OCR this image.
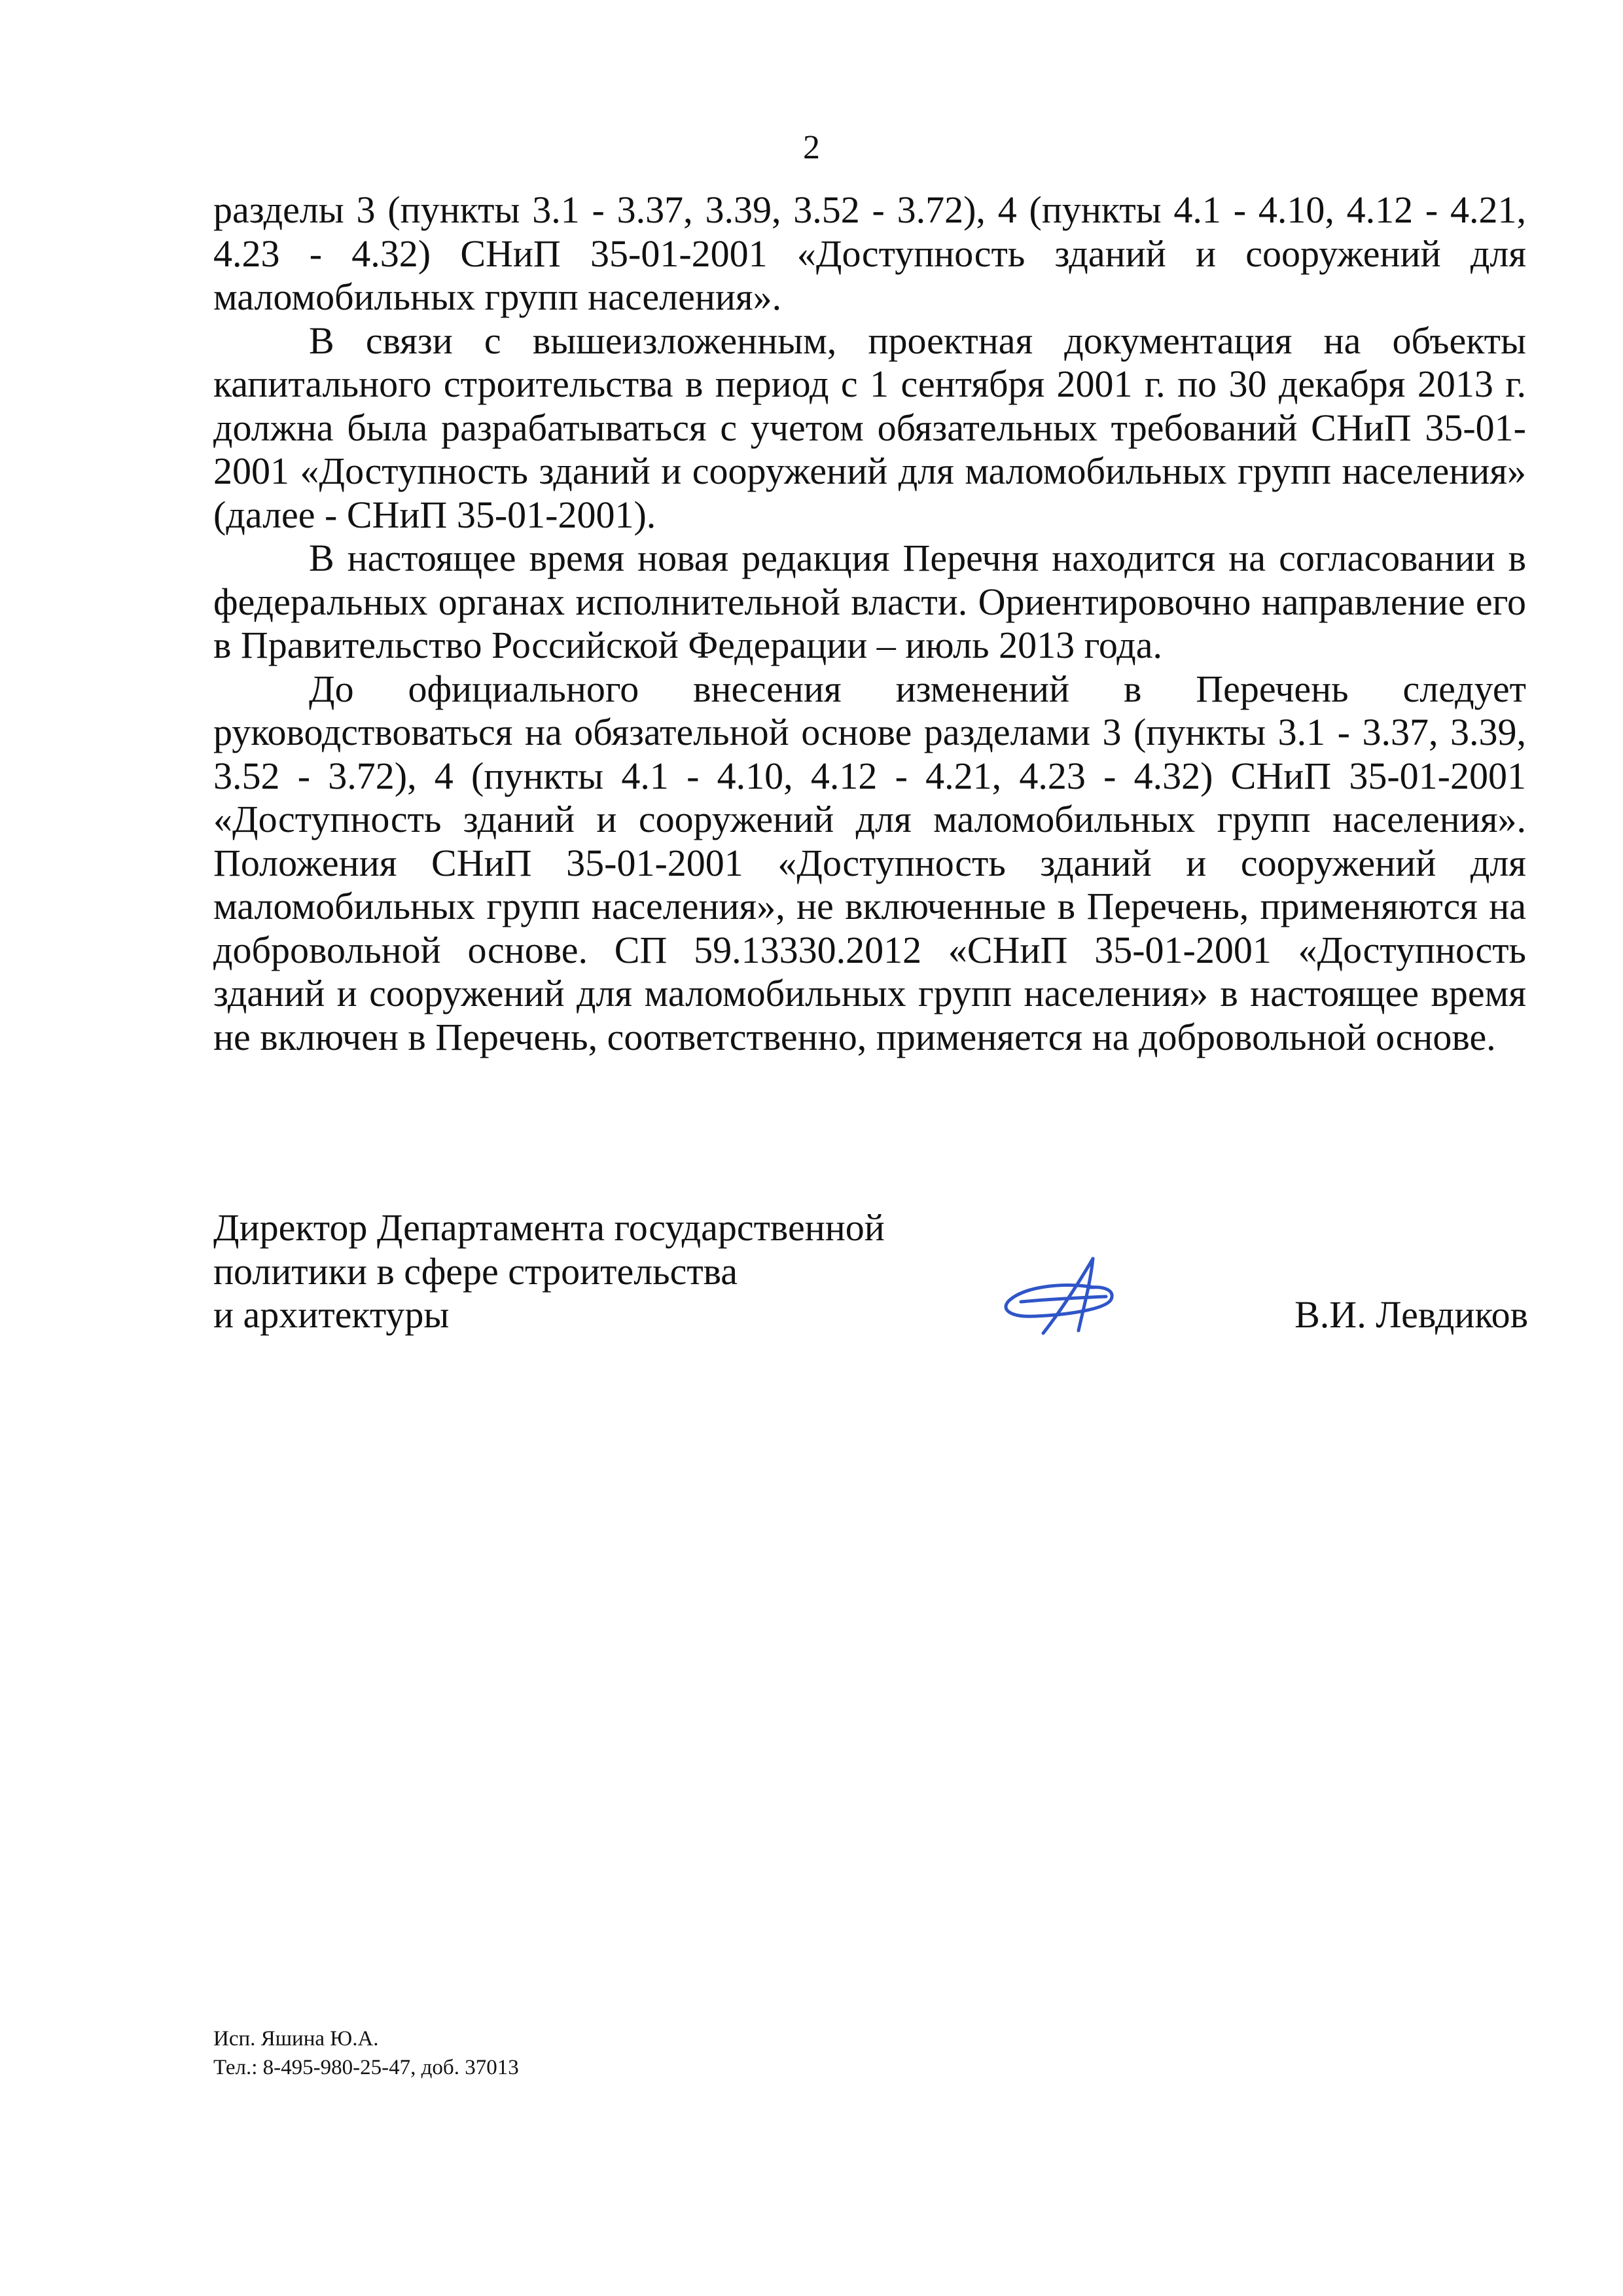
2

разделы 3 (пункты 3.1 - 3.37, 3.39, 3.52 - 3.72), 4 (пункты 4.1 - 4.10, 4.12 - 4.21, 4.23 - 4.32) СНиП 35-01-2001 «Доступность зданий и сооружений для маломобильных групп населения».

В связи с вышеизложенным, проектная документация на объекты капитального строительства в период с 1 сентября 2001 г. по 30 декабря 2013 г. должна была разрабатываться с учетом обязательных требований СНиП 35-01-2001 «Доступность зданий и сооружений для маломобильных групп населения» (далее - СНиП 35-01-2001).

В настоящее время новая редакция Перечня находится на согласовании в федеральных органах исполнительной власти. Ориентировочно направление его в Правительство Российской Федерации – июль 2013 года.

До официального внесения изменений в Перечень следует руководствоваться на обязательной основе разделами 3 (пункты 3.1 - 3.37, 3.39, 3.52 - 3.72), 4 (пункты 4.1 - 4.10, 4.12 - 4.21, 4.23 - 4.32) СНиП 35-01-2001 «Доступность зданий и сооружений для маломобильных групп населения». Положения СНиП 35-01-2001 «Доступность зданий и сооружений для маломобильных групп населения», не включенные в Перечень, применяются на добровольной основе. СП 59.13330.2012 «СНиП 35-01-2001 «Доступность зданий и сооружений для маломобильных групп населения» в настоящее время не включен в Перечень, соответственно, применяется на добровольной основе.

Директор Департамента государственной
политики в сфере строительства
и архитектуры	В.И. Левдиков
Исп. Яшина Ю.А.
Тел.: 8-495-980-25-47, доб. 37013
